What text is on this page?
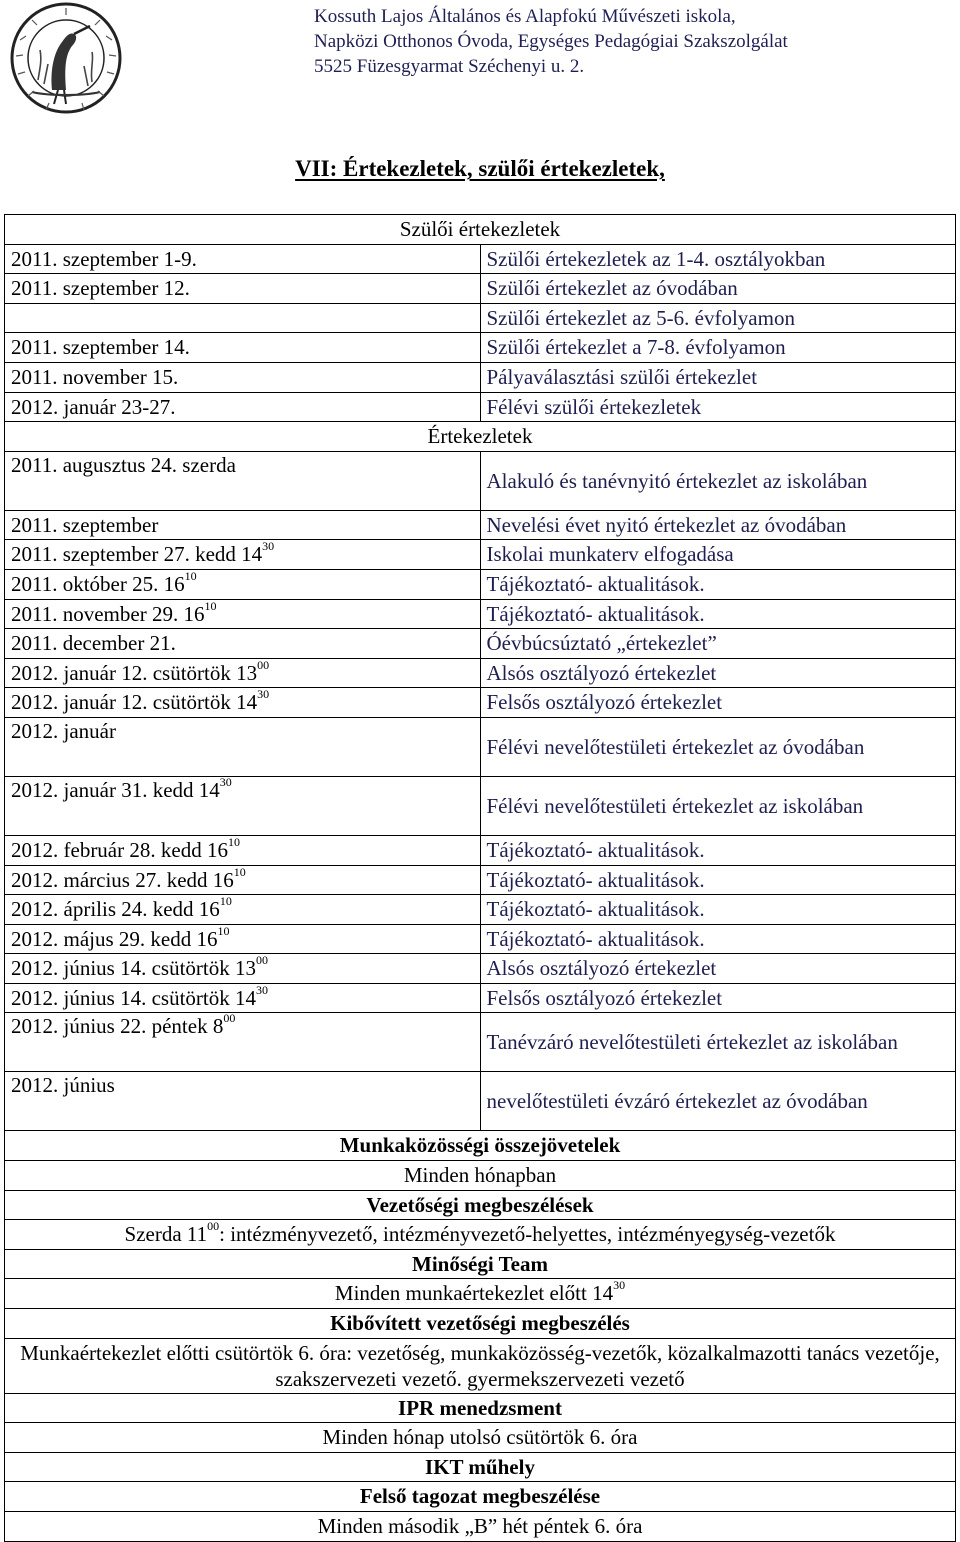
Kossuth Lajos Általános és Alapfokú Művészeti iskola,
Napközi Otthonos Óvoda, Egységes Pedagógiai Szakszolgálat
5525 Füzesgyarmat Széchenyi u. 2.
VII: Értekezletek, szülői értekezletek,
Szülői értekezletek	
2011. szeptember 1-9.	Szülői értekezletek az 1-4. osztályokban
2011. szeptember 12.	Szülői értekezlet az óvodában
	Szülői értekezlet az 5-6. évfolyamon
2011. szeptember 14.	Szülői értekezlet a 7-8. évfolyamon
2011. november 15.	Pályaválasztási szülői értekezlet
2012. január 23-27.	Félévi szülői értekezletek
Értekezletek	
2011. augusztus 24. szerda	Alakuló és tanévnyitó értekezlet az iskolában
2011. szeptember	Nevelési évet nyitó értekezlet az óvodában
2011. szeptember 27. kedd $14^{30}$	Iskolai munkaterv elfogadása
2011. október 25. $16^{10}$	Tájékoztató- aktualitások.
2011. november 29. $16^{10}$	Tájékoztató- aktualitások.
2011. december 21.	Óévbúcsúztató „értekezlet”
2012. január 12. csütörtök $13^{00}$	Alsós osztályozó értekezlet
2012. január 12. csütörtök $14^{30}$	Felsős osztályozó értekezlet
2012. január	Félévi nevelőtestületi értekezlet az óvodában
2012. január 31. kedd $14^{30}$	Félévi nevelőtestületi értekezlet az iskolában
2012. február 28. kedd $16^{10}$	Tájékoztató- aktualitások.
2012. március 27. kedd $16^{10}$	Tájékoztató- aktualitások.
2012. április 24. kedd $16^{10}$	Tájékoztató- aktualitások.
2012. május 29. kedd $16^{10}$	Tájékoztató- aktualitások.
2012. június 14. csütörtök $13^{00}$	Alsós osztályozó értekezlet
2012. június 14. csütörtök $14^{30}$	Felsős osztályozó értekezlet
2012. június 22. péntek $8^{00}$	Tanévzáró nevelőtestületi értekezlet az iskolában
2012. június	nevelőtestületi évzáró értekezlet az óvodában
Munkaközösségi összejövetelek	
Minden hónapban	
Vezetőségi megbeszélések	
Szerda $11^{00}$: intézményvezető, intézményvezető-helyettes, intézményegység-vezetők	
Minőségi Team	
Minden munkaértekezlet előtt $14^{30}$
Kibővített vezetőségi megbeszélés	
Munkaértekezlet előtti csütörtök 6. óra: vezetőség, munkaközösség-vezetők, közalkalmazotti tanács vezetője, szakszervezeti vezető. gyermekszervezeti vezető	
IPR menedzsment	
Minden hónap utolsó csütörtök 6. óra	
IKT műhely	
Felső tagozat megbeszélése	
Minden második „B” hét péntek 6. óra	
